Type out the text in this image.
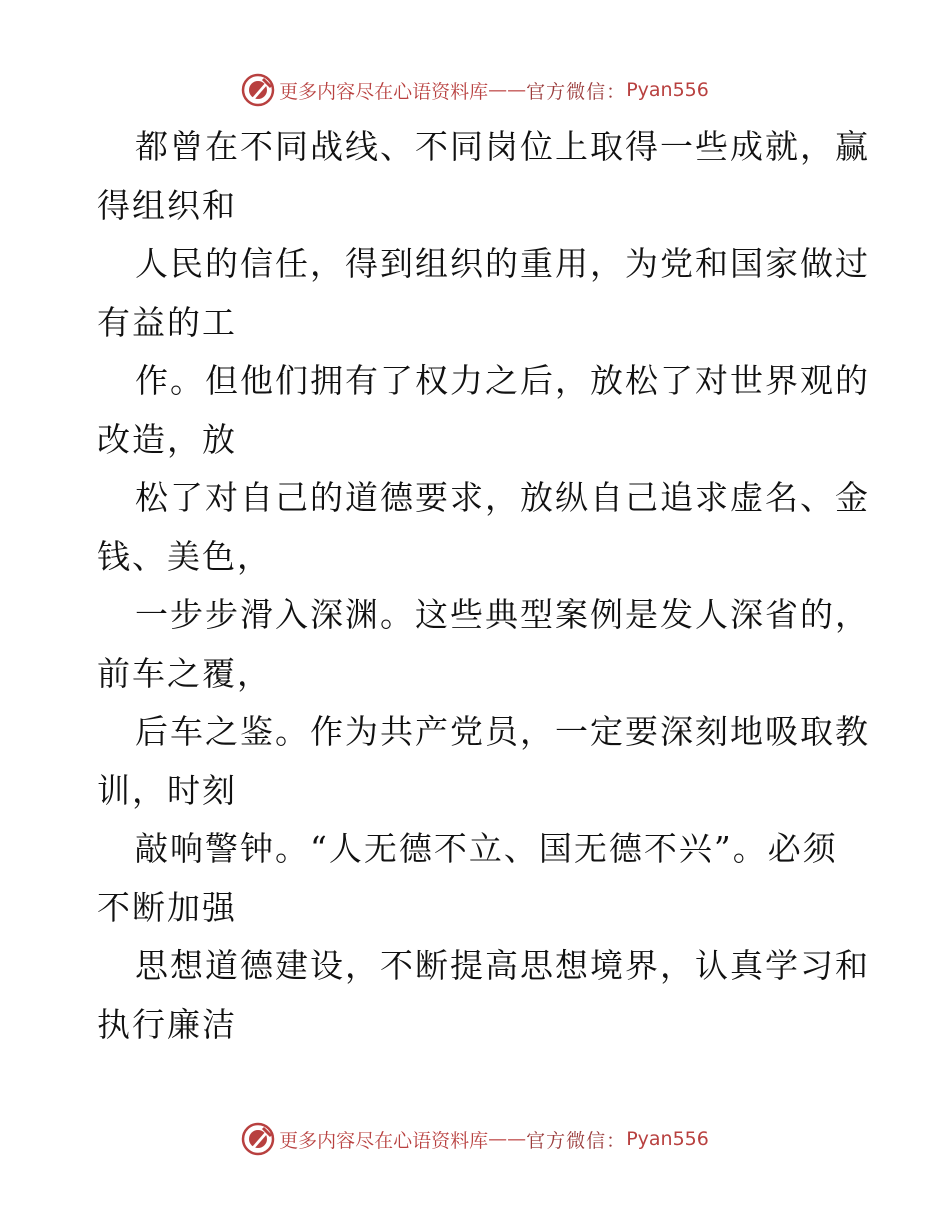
更多内容尽在心语资料库 —— 官方微信： Pyan556
都曾在不同战线、不同岗位上取得一些成就，赢
得组织和
人民的信任，得到组织的重用，为党和国家做过
有益的工
作。但他们拥有了权力之后，放松了对世界观的
改造，放
松了对自己的道德要求，放纵自己追求虚名、金
钱、美色，
一步步滑入深渊。这些典型案例是发人深省的，
前车之覆，
后车之鉴。作为共产党员，一定要深刻地吸取教
训，时刻
敲响警钟。“人无德不立、国无德不兴”。必须
不断加强
思想道德建设，不断提高思想境界，认真学习和
执行廉洁
更多内容尽在心语资料库 —— 官方微信： Pyan556
